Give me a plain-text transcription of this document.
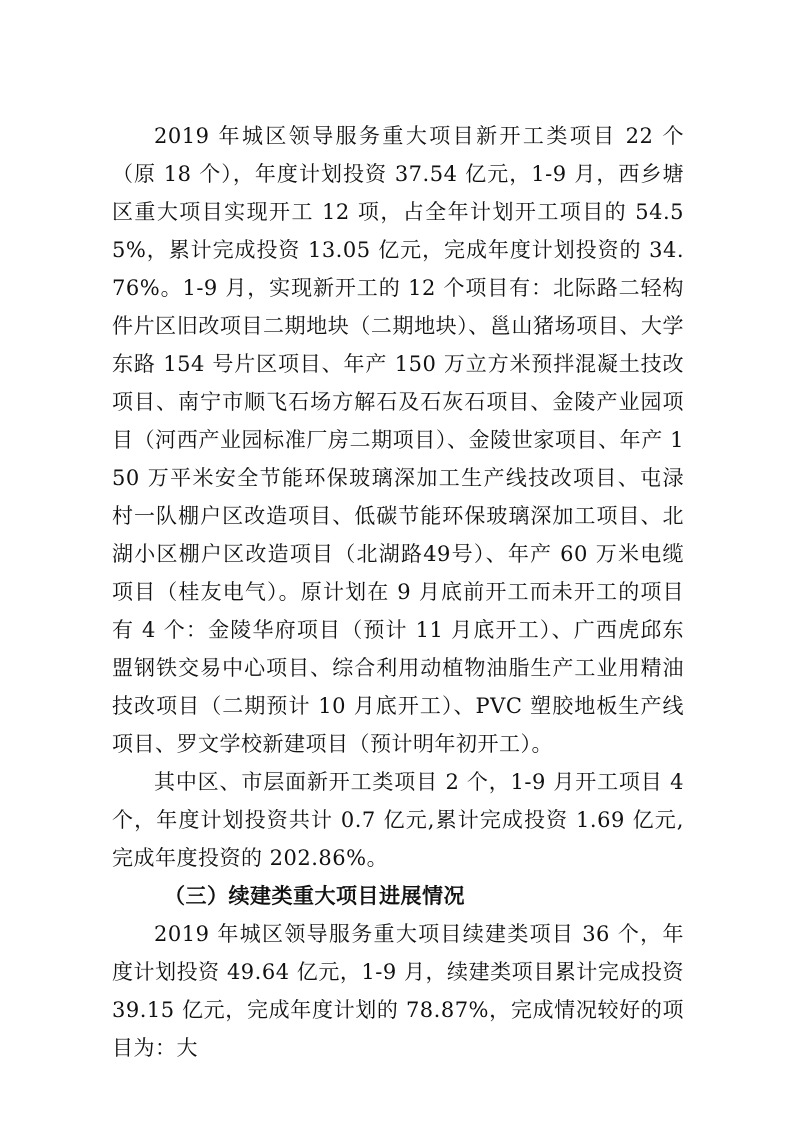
2019 年城区领导服务重大项目新开工类项目 22 个（原 18 个），年度计划投资 37.54 亿元，1-9 月，西乡塘区重大项目实现开工 12 项，占全年计划开工项目的 54.55%，累计完成投资 13.05 亿元，完成年度计划投资的 34.76%。1-9 月，实现新开工的 12 个项目有：北际路二轻构件片区旧改项目二期地块（二期地块）、邕山猪场项目、大学东路 154 号片区项目、年产 150 万立方米预拌混凝土技改项目、南宁市顺飞石场方解石及石灰石项目、金陵产业园项目（河西产业园标准厂房二期项目）、金陵世家项目、年产 150 万平米安全节能环保玻璃深加工生产线技改项目、屯渌村一队棚户区改造项目、低碳节能环保玻璃深加工项目、北湖小区棚户区改造项目（北湖路49号）、年产 60 万米电缆项目（桂友电气）。原计划在 9 月底前开工而未开工的项目有 4 个：金陵华府项目（预计 11 月底开工）、广西虎邱东盟钢铁交易中心项目、综合利用动植物油脂生产工业用精油技改项目（二期预计 10 月底开工）、PVC 塑胶地板生产线项目、罗文学校新建项目（预计明年初开工）。

其中区、市层面新开工类项目 2 个，1-9 月开工项目 4 个，年度计划投资共计 0.7 亿元,累计完成投资 1.69 亿元,完成年度投资的 202.86%。

（三）续建类重大项目进展情况

2019 年城区领导服务重大项目续建类项目 36 个，年度计划投资 49.64 亿元，1-9 月，续建类项目累计完成投资 39.15 亿元，完成年度计划的 78.87%，完成情况较好的项目为：大
